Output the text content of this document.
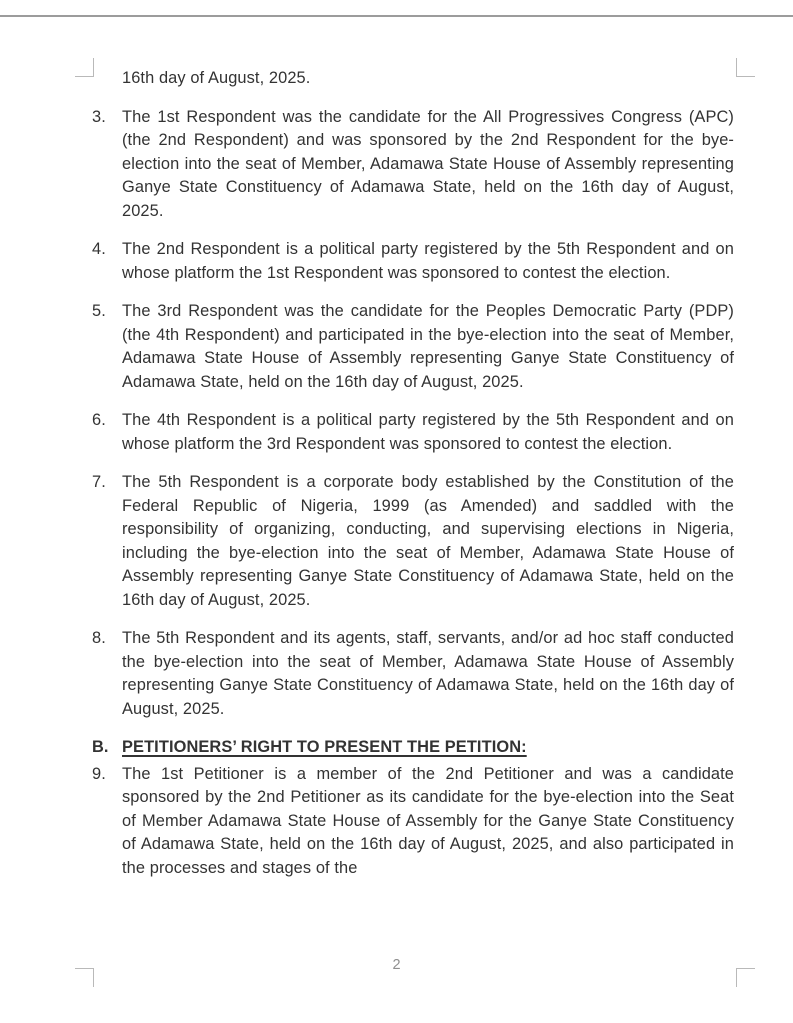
16th day of August, 2025.

3. The 1st Respondent was the candidate for the All Progressives Congress (APC) (the 2nd Respondent) and was sponsored by the 2nd Respondent for the bye-election into the seat of Member, Adamawa State House of Assembly representing Ganye State Constituency of Adamawa State, held on the 16th day of August, 2025.
4. The 2nd Respondent is a political party registered by the 5th Respondent and on whose platform the 1st Respondent was sponsored to contest the election.
5. The 3rd Respondent was the candidate for the Peoples Democratic Party (PDP) (the 4th Respondent) and participated in the bye-election into the seat of Member, Adamawa State House of Assembly representing Ganye State Constituency of Adamawa State, held on the 16th day of August, 2025.
6. The 4th Respondent is a political party registered by the 5th Respondent and on whose platform the 3rd Respondent was sponsored to contest the election.
7. The 5th Respondent is a corporate body established by the Constitution of the Federal Republic of Nigeria, 1999 (as Amended) and saddled with the responsibility of organizing, conducting, and supervising elections in Nigeria, including the bye-election into the seat of Member, Adamawa State House of Assembly representing Ganye State Constituency of Adamawa State, held on the 16th day of August, 2025.
8. The 5th Respondent and its agents, staff, servants, and/or ad hoc staff conducted the bye-election into the seat of Member, Adamawa State House of Assembly representing Ganye State Constituency of Adamawa State, held on the 16th day of August, 2025.
B. PETITIONERS’ RIGHT TO PRESENT THE PETITION:
9. The 1st Petitioner is a member of the 2nd Petitioner and was a candidate sponsored by the 2nd Petitioner as its candidate for the bye-election into the Seat of Member Adamawa State House of Assembly for the Ganye State Constituency of Adamawa State, held on the 16th day of August, 2025, and also participated in the processes and stages of the
2
